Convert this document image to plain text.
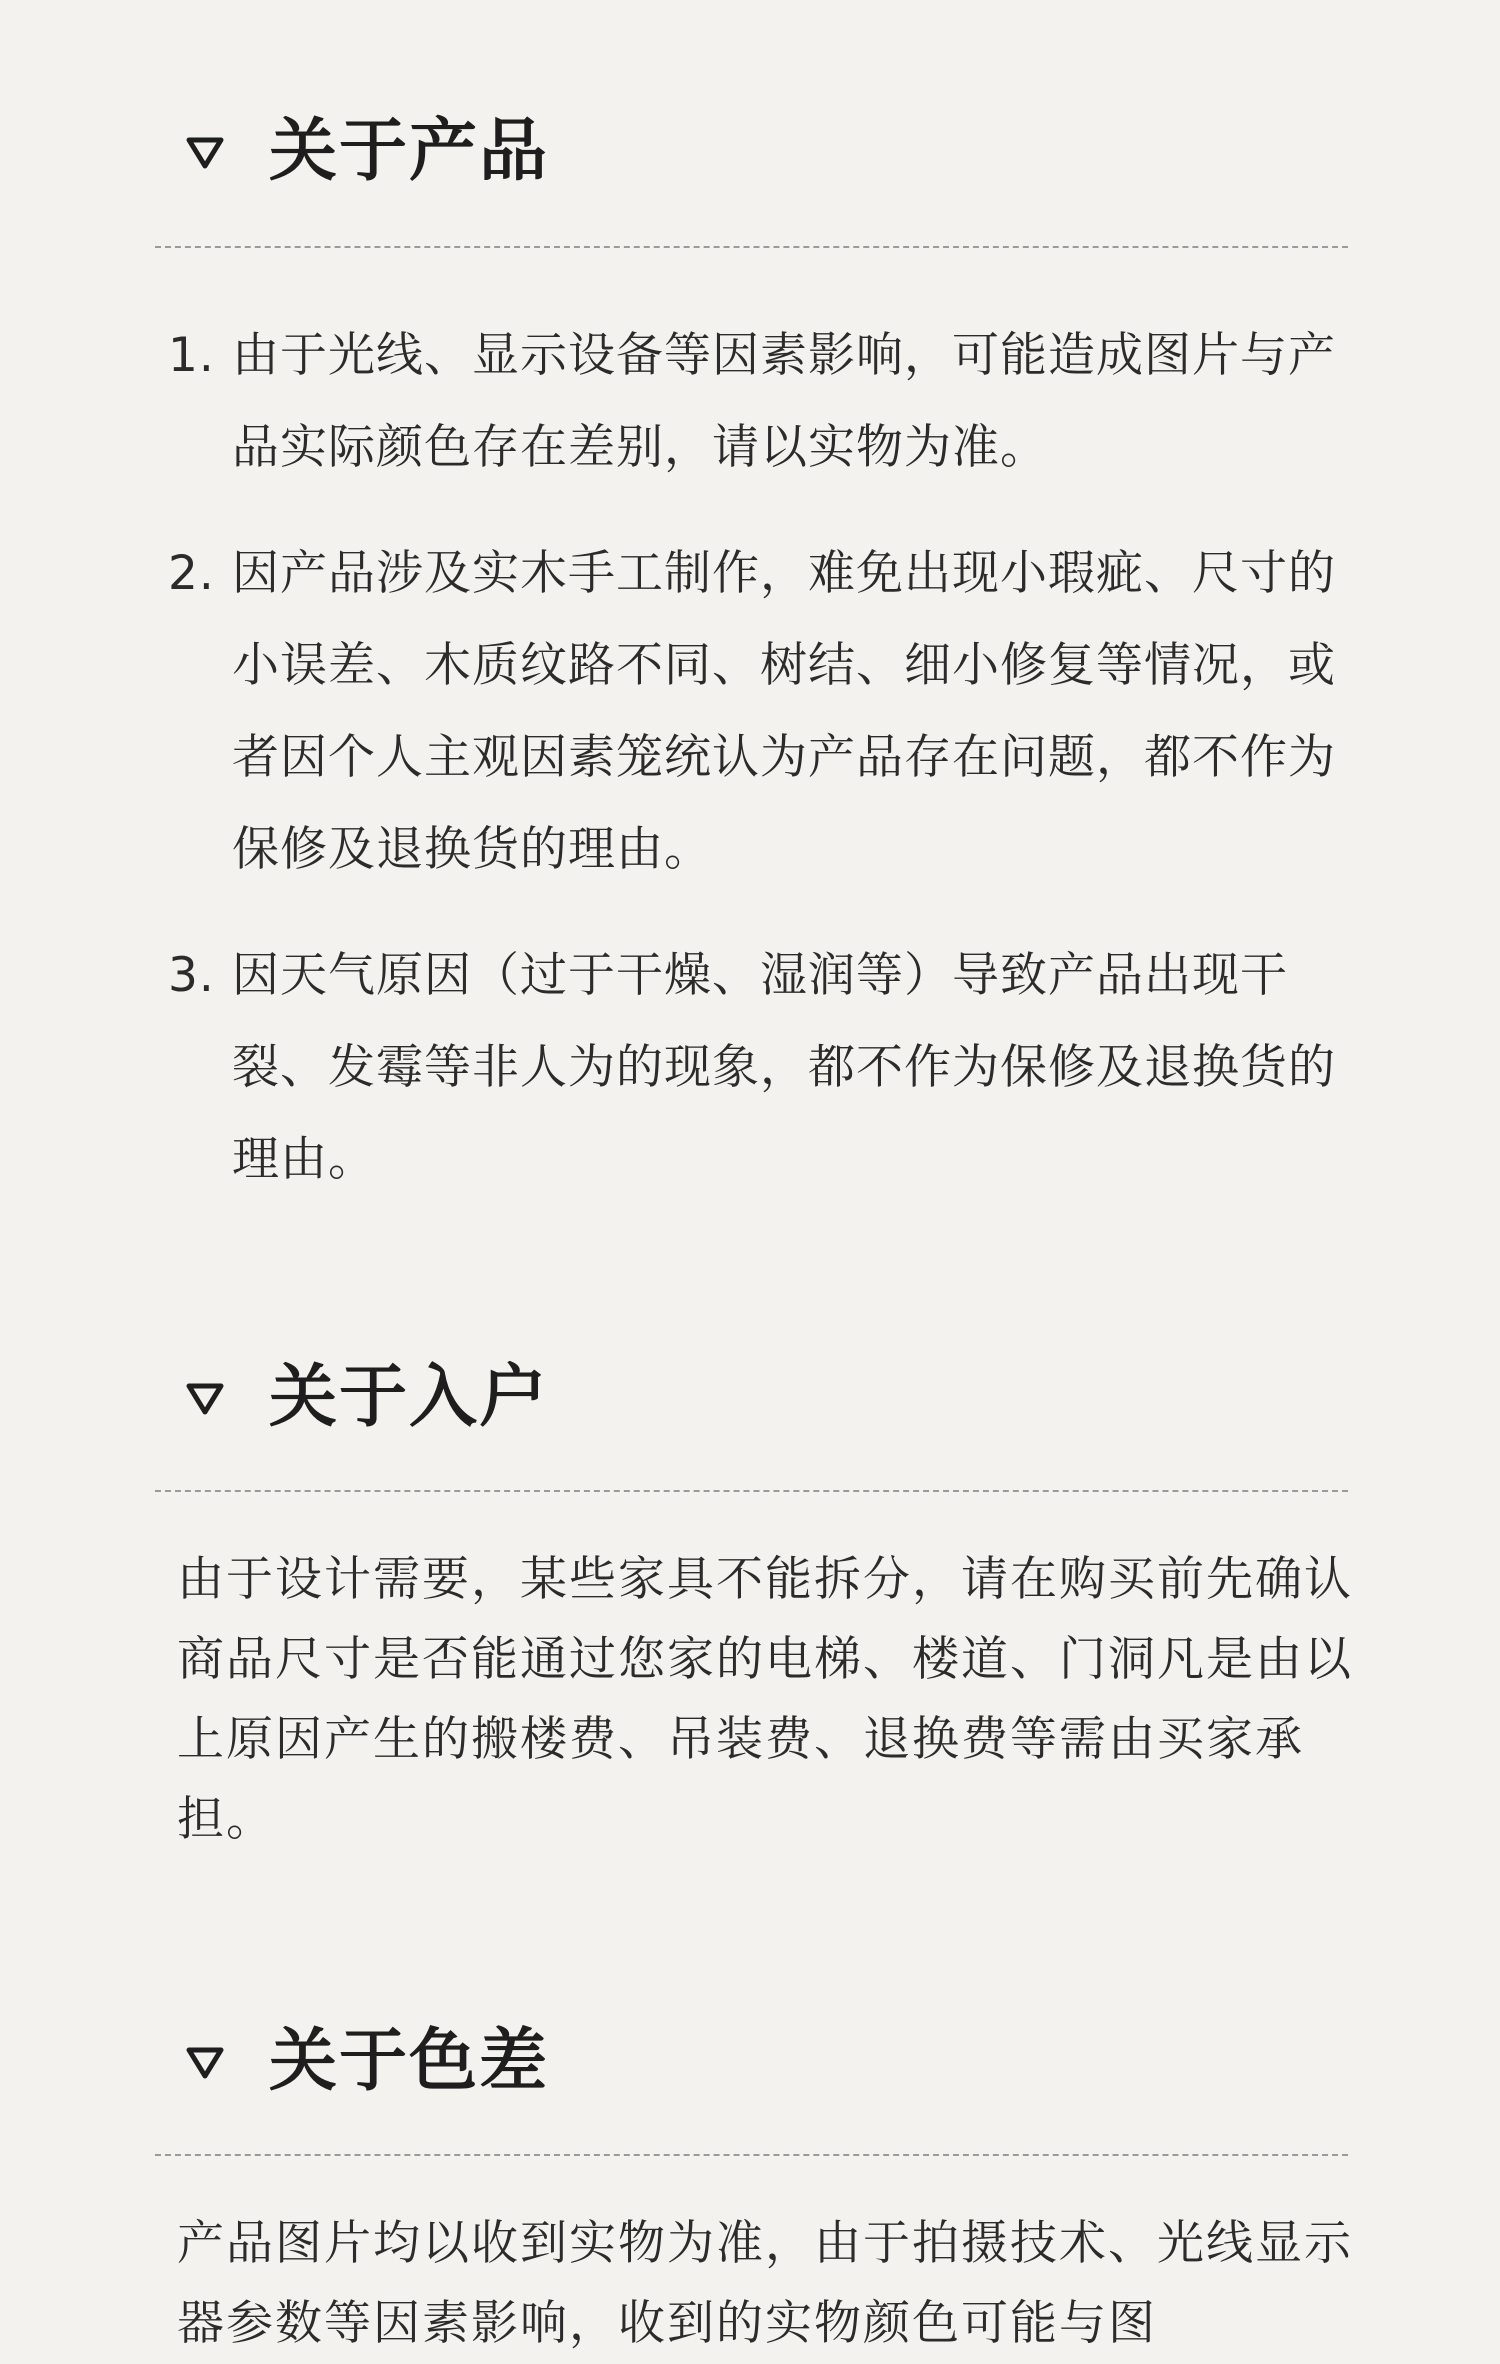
关于产品
1. 由于光线、显示设备等因素影响，可能造成图片与产品实际颜色存在差别，请以实物为准。
2. 因产品涉及实木手工制作，难免出现小瑕疵、尺寸的小误差、木质纹路不同、树结、细小修复等情况，或者因个人主观因素笼统认为产品存在问题，都不作为保修及退换货的理由。
3. 因天气原因（过于干燥、湿润等）导致产品出现干裂、发霉等非人为的现象，都不作为保修及退换货的理由。
关于入户

由于设计需要，某些家具不能拆分，请在购买前先确认商品尺寸是否能通过您家的电梯、楼道、门洞凡是由以上原因产生的搬楼费、吊装费、退换费等需由买家承担。

关于色差

产品图片均以收到实物为准，由于拍摄技术、光线显示器参数等因素影响，收到的实物颜色可能与图
